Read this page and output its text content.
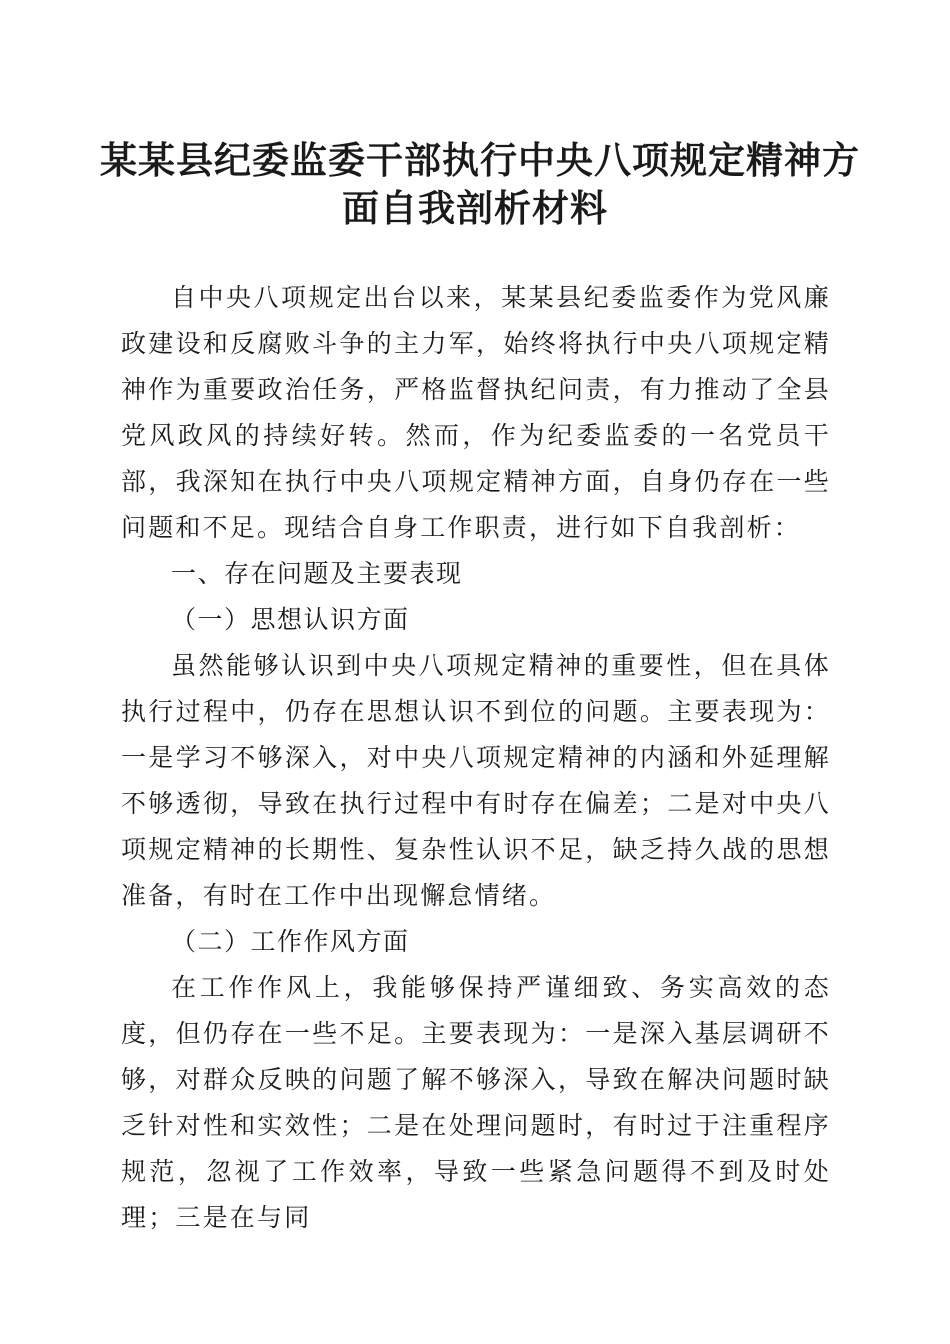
某某县纪委监委干部执行中央八项规定精神方
面自我剖析材料

自中央八项规定出台以来，某某县纪委监委作为党风廉政建设和反腐败斗争的主力军，始终将执行中央八项规定精神作为重要政治任务，严格监督执纪问责，有力推动了全县党风政风的持续好转。然而，作为纪委监委的一名党员干部，我深知在执行中央八项规定精神方面，自身仍存在一些问题和不足。现结合自身工作职责，进行如下自我剖析：

一、存在问题及主要表现

（一）思想认识方面

虽然能够认识到中央八项规定精神的重要性，但在具体执行过程中，仍存在思想认识不到位的问题。主要表现为：一是学习不够深入，对中央八项规定精神的内涵和外延理解不够透彻，导致在执行过程中有时存在偏差；二是对中央八项规定精神的长期性、复杂性认识不足，缺乏持久战的思想准备，有时在工作中出现懈怠情绪。

（二）工作作风方面

在工作作风上，我能够保持严谨细致、务实高效的态度，但仍存在一些不足。主要表现为：一是深入基层调研不够，对群众反映的问题了解不够深入，导致在解决问题时缺乏针对性和实效性；二是在处理问题时，有时过于注重程序规范，忽视了工作效率，导致一些紧急问题得不到及时处理；三是在与同
